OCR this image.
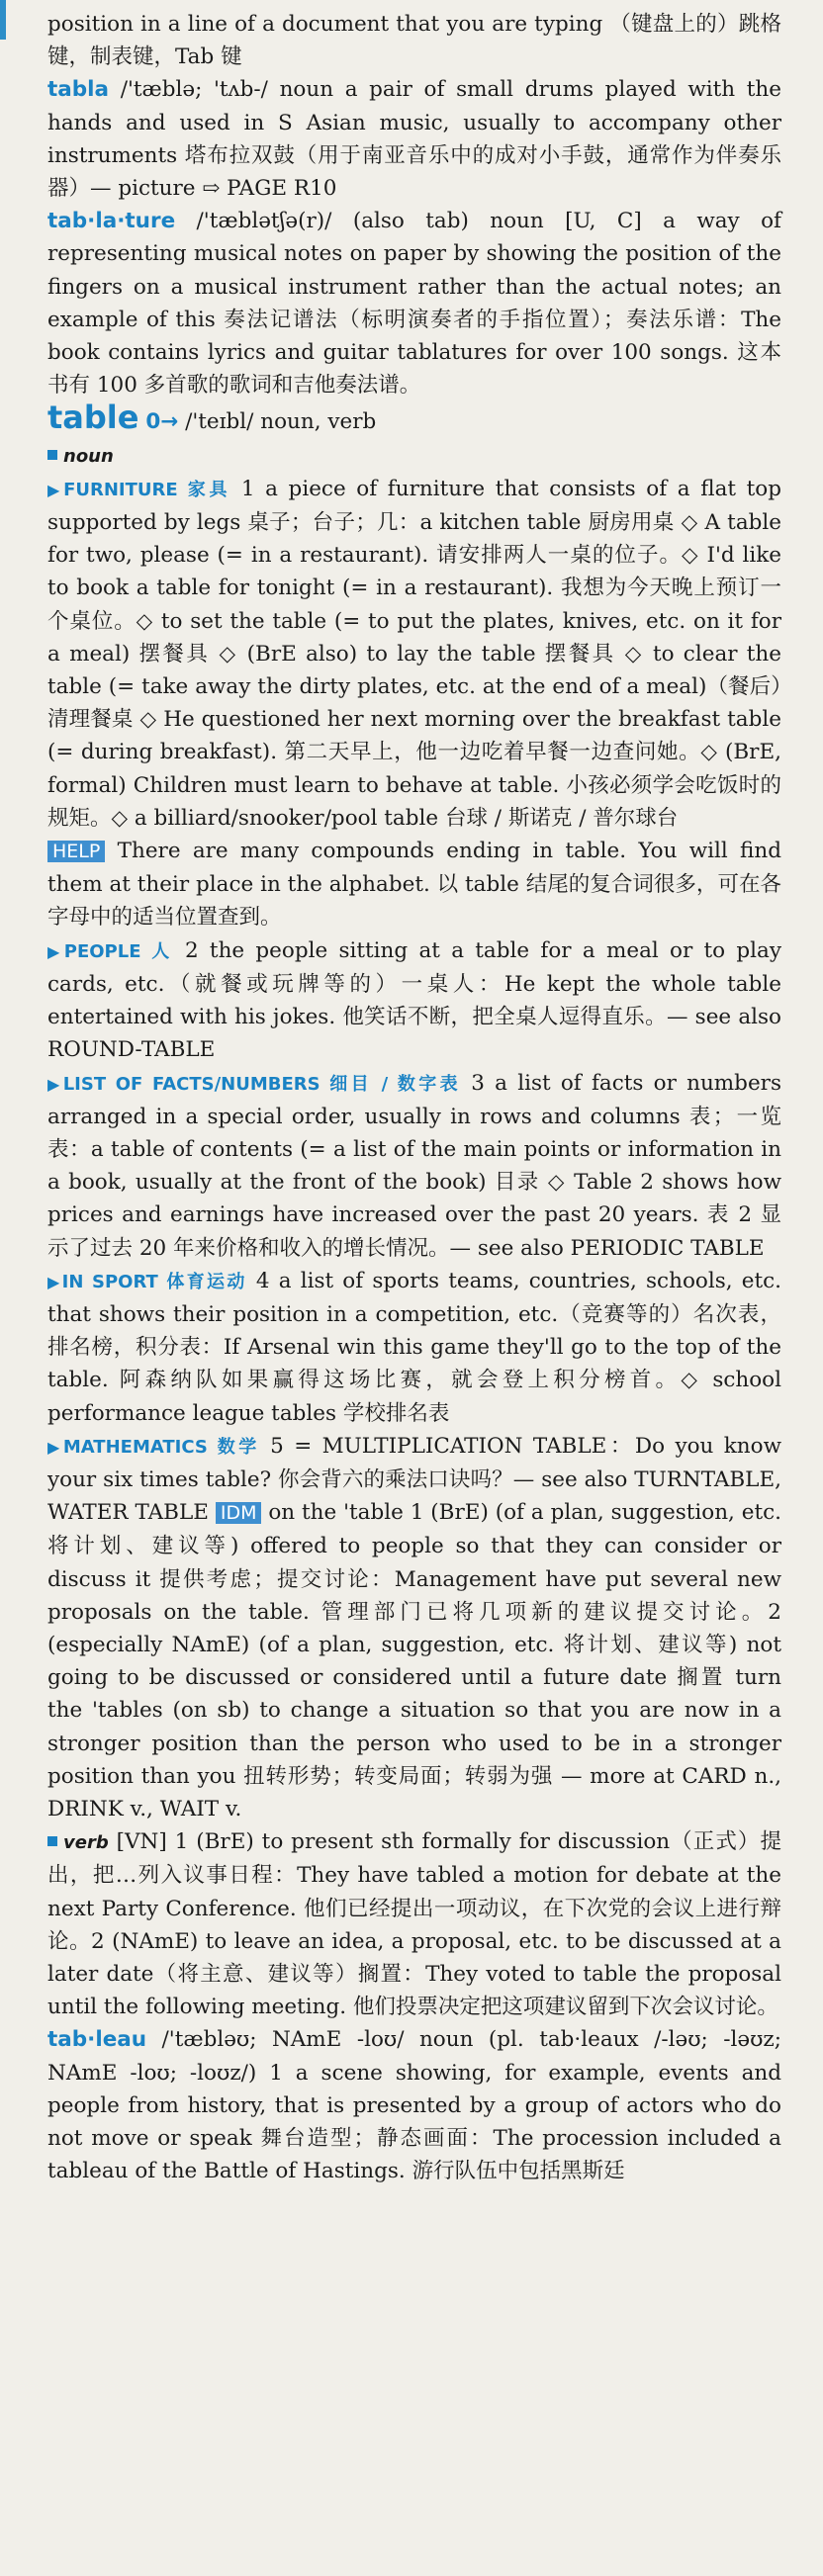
position in a line of a document that you are typing （键盘上的）跳格键，制表键，Tab 键

tabla /'tæblə; 'tʌb-/ noun a pair of small drums played with the hands and used in S Asian music, usually to accompany other instruments 塔布拉双鼓（用于南亚音乐中的成对小手鼓，通常作为伴奏乐器）— picture ⇨ PAGE R10

tab·la·ture /'tæblətʃə(r)/ (also tab) noun [U, C] a way of representing musical notes on paper by showing the position of the fingers on a musical instrument rather than the actual notes; an example of this 奏法记谱法（标明演奏者的手指位置）；奏法乐谱：The book contains lyrics and guitar tablatures for over 100 songs. 这本书有 100 多首歌的歌词和吉他奏法谱。

table 0→ /'teɪbl/ noun, verb

noun

▶FURNITURE 家具 1 a piece of furniture that consists of a flat top supported by legs 桌子；台子；几：a kitchen table 厨房用桌 ◇ A table for two, please (= in a restaurant). 请安排两人一桌的位子。◇ I'd like to book a table for tonight (= in a restaurant). 我想为今天晚上预订一个桌位。◇ to set the table (= to put the plates, knives, etc. on it for a meal) 摆餐具 ◇ (BrE also) to lay the table 摆餐具 ◇ to clear the table (= take away the dirty plates, etc. at the end of a meal)（餐后）清理餐桌 ◇ He questioned her next morning over the breakfast table (= during breakfast). 第二天早上，他一边吃着早餐一边查问她。◇ (BrE, formal) Children must learn to behave at table. 小孩必须学会吃饭时的规矩。◇ a billiard/snooker/pool table 台球 / 斯诺克 / 普尔球台

HELP There are many compounds ending in table. You will find them at their place in the alphabet. 以 table 结尾的复合词很多，可在各字母中的适当位置查到。

▶PEOPLE 人 2 the people sitting at a table for a meal or to play cards, etc.（就餐或玩牌等的）一桌人：He kept the whole table entertained with his jokes. 他笑话不断，把全桌人逗得直乐。— see also ROUND-TABLE

▶LIST OF FACTS/NUMBERS 细目 / 数字表 3 a list of facts or numbers arranged in a special order, usually in rows and columns 表；一览表：a table of contents (= a list of the main points or information in a book, usually at the front of the book) 目录 ◇ Table 2 shows how prices and earnings have increased over the past 20 years. 表 2 显示了过去 20 年来价格和收入的增长情况。— see also PERIODIC TABLE

▶IN SPORT 体育运动 4 a list of sports teams, countries, schools, etc. that shows their position in a competition, etc.（竞赛等的）名次表，排名榜，积分表：If Arsenal win this game they'll go to the top of the table. 阿森纳队如果赢得这场比赛，就会登上积分榜首。◇ school performance league tables 学校排名表

▶MATHEMATICS 数学 5 = MULTIPLICATION TABLE：Do you know your six times table? 你会背六的乘法口诀吗？— see also TURNTABLE, WATER TABLE IDM on the 'table 1 (BrE) (of a plan, suggestion, etc. 将计划、建议等) offered to people so that they can consider or discuss it 提供考虑；提交讨论：Management have put several new proposals on the table. 管理部门已将几项新的建议提交讨论。2 (especially NAmE) (of a plan, suggestion, etc. 将计划、建议等) not going to be discussed or considered until a future date 搁置 turn the 'tables (on sb) to change a situation so that you are now in a stronger position than the person who used to be in a stronger position than you 扭转形势；转变局面；转弱为强 — more at CARD n., DRINK v., WAIT v.

verb [VN] 1 (BrE) to present sth formally for discussion（正式）提出，把…列入议事日程：They have tabled a motion for debate at the next Party Conference. 他们已经提出一项动议，在下次党的会议上进行辩论。2 (NAmE) to leave an idea, a proposal, etc. to be discussed at a later date（将主意、建议等）搁置：They voted to table the proposal until the following meeting. 他们投票决定把这项建议留到下次会议讨论。

tab·leau /'tæbləʊ; NAmE -loʊ/ noun (pl. tab·leaux /-ləʊ; -ləʊz; NAmE -loʊ; -loʊz/) 1 a scene showing, for example, events and people from history, that is presented by a group of actors who do not move or speak 舞台造型；静态画面：The procession included a tableau of the Battle of Hastings. 游行队伍中包括黑斯廷
